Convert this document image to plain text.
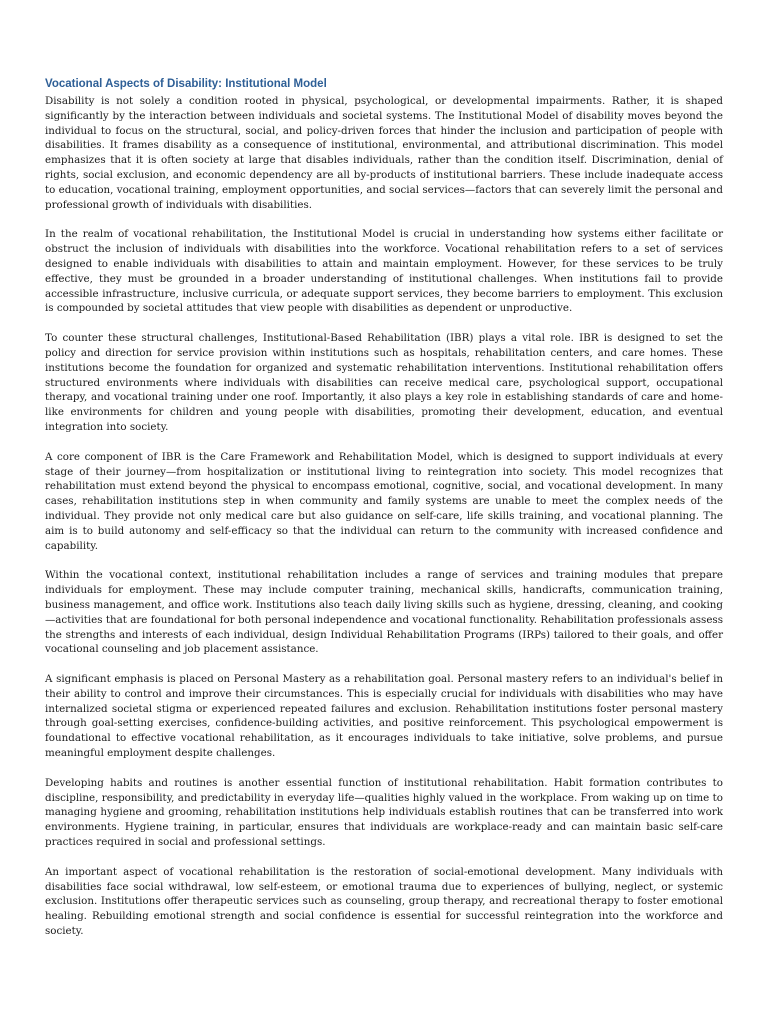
Vocational Aspects of Disability: Institutional Model

Disability is not solely a condition rooted in physical, psychological, or developmental impairments. Rather, it is shaped significantly by the interaction between individuals and societal systems. The Institutional Model of disability moves beyond the individual to focus on the structural, social, and policy-driven forces that hinder the inclusion and participation of people with disabilities. It frames disability as a consequence of institutional, environmental, and attributional discrimination. This model emphasizes that it is often society at large that disables individuals, rather than the condition itself. Discrimination, denial of rights, social exclusion, and economic dependency are all by-products of institutional barriers. These include inadequate access to education, vocational training, employment opportunities, and social services—factors that can severely limit the personal and professional growth of individuals with disabilities.

In the realm of vocational rehabilitation, the Institutional Model is crucial in understanding how systems either facilitate or obstruct the inclusion of individuals with disabilities into the workforce. Vocational rehabilitation refers to a set of services designed to enable individuals with disabilities to attain and maintain employment. However, for these services to be truly effective, they must be grounded in a broader understanding of institutional challenges. When institutions fail to provide accessible infrastructure, inclusive curricula, or adequate support services, they become barriers to employment. This exclusion is compounded by societal attitudes that view people with disabilities as dependent or unproductive.

To counter these structural challenges, Institutional-Based Rehabilitation (IBR) plays a vital role. IBR is designed to set the policy and direction for service provision within institutions such as hospitals, rehabilitation centers, and care homes. These institutions become the foundation for organized and systematic rehabilitation interventions. Institutional rehabilitation offers structured environments where individuals with disabilities can receive medical care, psychological support, occupational therapy, and vocational training under one roof. Importantly, it also plays a key role in establishing standards of care and home-like environments for children and young people with disabilities, promoting their development, education, and eventual integration into society.

A core component of IBR is the Care Framework and Rehabilitation Model, which is designed to support individuals at every stage of their journey—from hospitalization or institutional living to reintegration into society. This model recognizes that rehabilitation must extend beyond the physical to encompass emotional, cognitive, social, and vocational development. In many cases, rehabilitation institutions step in when community and family systems are unable to meet the complex needs of the individual. They provide not only medical care but also guidance on self-care, life skills training, and vocational planning. The aim is to build autonomy and self-efficacy so that the individual can return to the community with increased confidence and capability.

Within the vocational context, institutional rehabilitation includes a range of services and training modules that prepare individuals for employment. These may include computer training, mechanical skills, handicrafts, communication training, business management, and office work. Institutions also teach daily living skills such as hygiene, dressing, cleaning, and cooking—activities that are foundational for both personal independence and vocational functionality. Rehabilitation professionals assess the strengths and interests of each individual, design Individual Rehabilitation Programs (IRPs) tailored to their goals, and offer vocational counseling and job placement assistance.

A significant emphasis is placed on Personal Mastery as a rehabilitation goal. Personal mastery refers to an individual's belief in their ability to control and improve their circumstances. This is especially crucial for individuals with disabilities who may have internalized societal stigma or experienced repeated failures and exclusion. Rehabilitation institutions foster personal mastery through goal-setting exercises, confidence-building activities, and positive reinforcement. This psychological empowerment is foundational to effective vocational rehabilitation, as it encourages individuals to take initiative, solve problems, and pursue meaningful employment despite challenges.

Developing habits and routines is another essential function of institutional rehabilitation. Habit formation contributes to discipline, responsibility, and predictability in everyday life—qualities highly valued in the workplace. From waking up on time to managing hygiene and grooming, rehabilitation institutions help individuals establish routines that can be transferred into work environments. Hygiene training, in particular, ensures that individuals are workplace-ready and can maintain basic self-care practices required in social and professional settings.

An important aspect of vocational rehabilitation is the restoration of social-emotional development. Many individuals with disabilities face social withdrawal, low self-esteem, or emotional trauma due to experiences of bullying, neglect, or systemic exclusion. Institutions offer therapeutic services such as counseling, group therapy, and recreational therapy to foster emotional healing. Rebuilding emotional strength and social confidence is essential for successful reintegration into the workforce and society.
